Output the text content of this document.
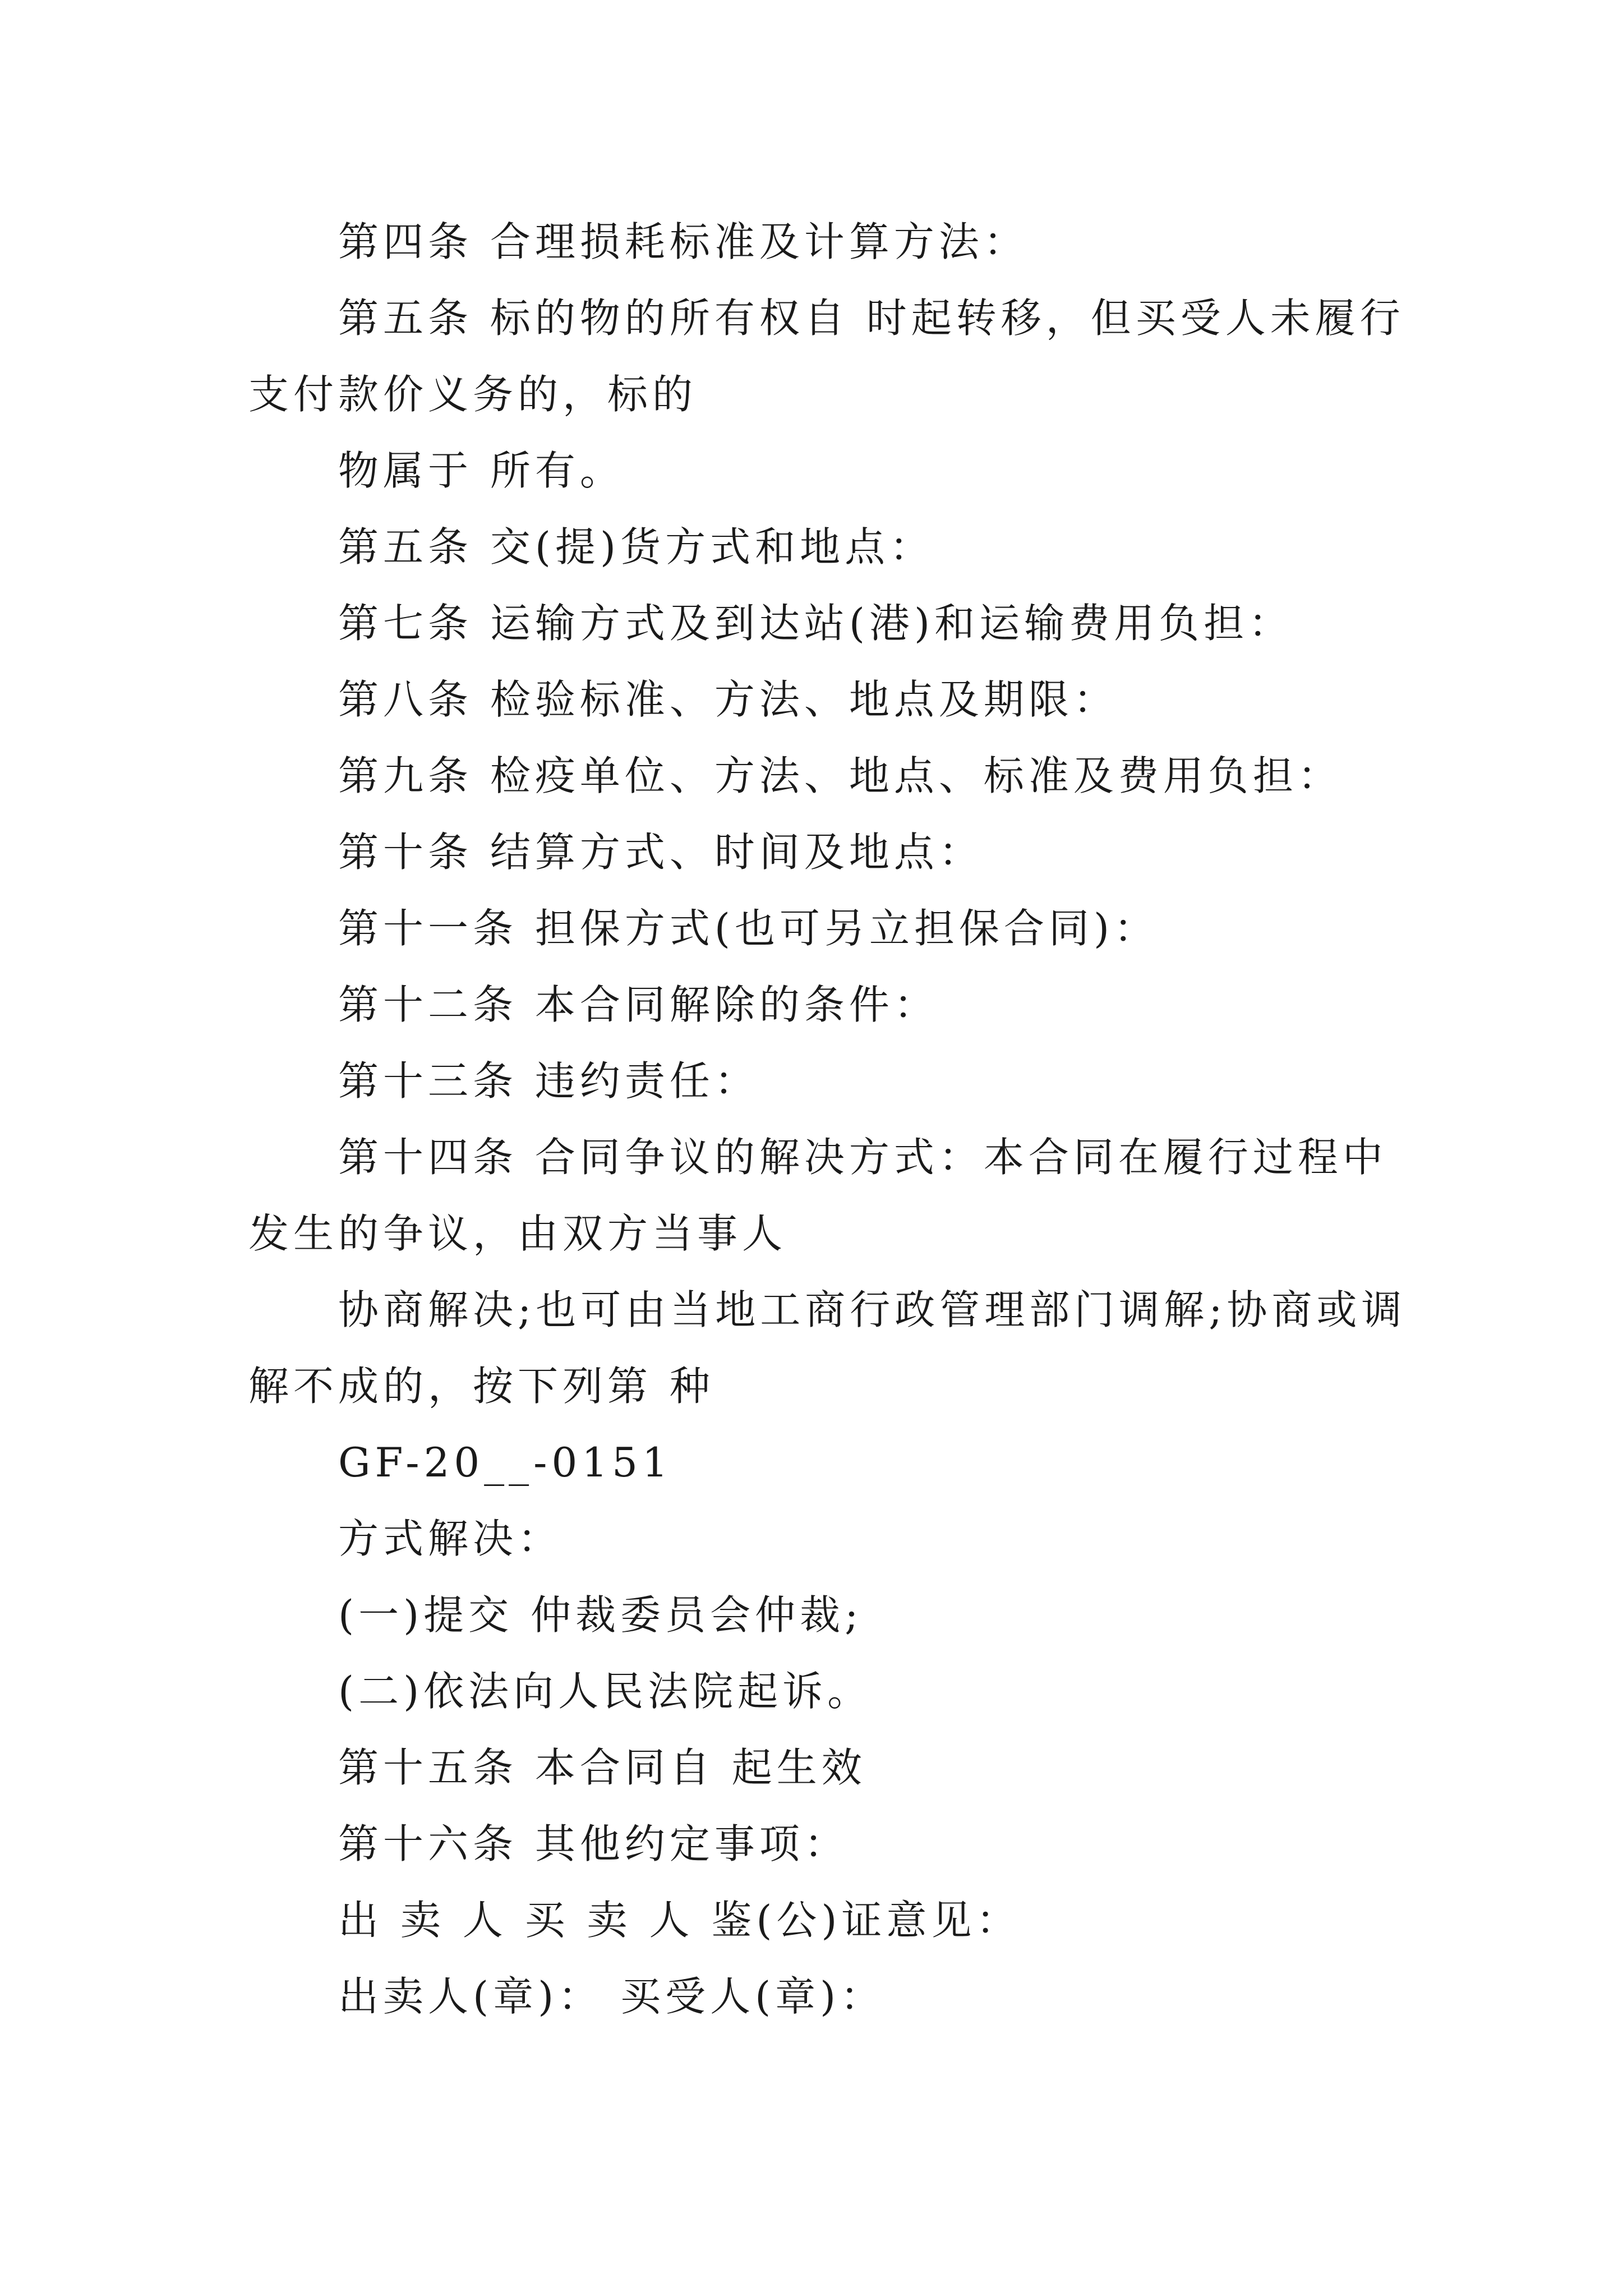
第四条 合理损耗标准及计算方法：

第五条 标的物的所有权自 时起转移，但买受人未履行

支付款价义务的，标的

物属于 所有。

第五条 交(提)货方式和地点：

第七条 运输方式及到达站(港)和运输费用负担：

第八条 检验标准、方法、地点及期限：

第九条 检疫单位、方法、地点、标准及费用负担：

第十条 结算方式、时间及地点：

第十一条 担保方式(也可另立担保合同)：

第十二条 本合同解除的条件：

第十三条 违约责任：

第十四条 合同争议的解决方式：本合同在履行过程中

发生的争议，由双方当事人

协商解决;也可由当地工商行政管理部门调解;协商或调

解不成的，按下列第 种

GF-20__-0151

方式解决：

(一)提交 仲裁委员会仲裁;

(二)依法向人民法院起诉。

第十五条 本合同自 起生效

第十六条 其他约定事项：

出 卖 人 买 卖 人 鉴(公)证意见：

出卖人(章)： 买受人(章)：
